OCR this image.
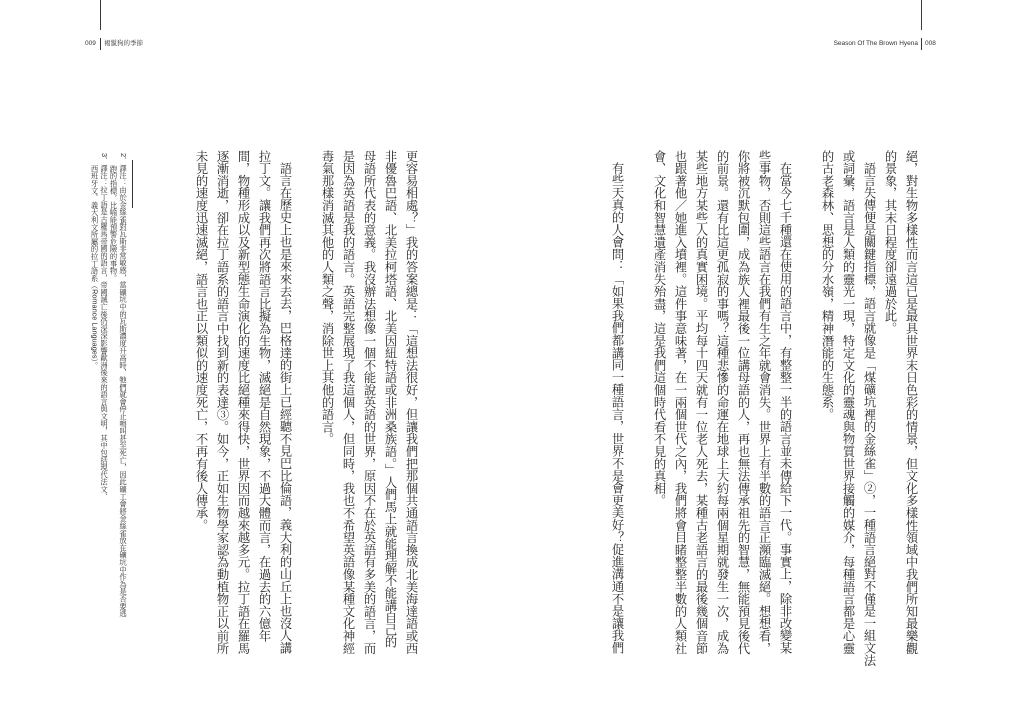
009 褐鬣狗的季節	Season Of The Brown Hyena 008
絕，對生物多樣性而言這已是最具世界末日色彩的情景，但文化多樣性領域中我們所知最樂觀
的景象，其末日程度卻遠過於此。
語言失傳便是關鍵指標，語言就像是「煤礦坑裡的金絲雀」②，一種語言絕對不僅是一組文法
或詞彙，語言是人類的靈光一現，特定文化的靈魂與物質世界接觸的媒介，每種語言都是心靈
的古老森林、思想的分水嶺，精神潛能的生態系。
在當今七千種還在使用的語言中，有整整一半的語言並未傳給下一代。事實上，除非改變某
些事物，否則這些語言在我們有生之年就會消失。世界上有半數的語言正瀕臨滅絕。想想看，
你將被沉默包圍，成為族人裡最後一位講母語的人，再也無法傳承祖先的智慧，無能預見後代
的前景。還有比這更孤寂的事嗎？這種悲慘的命運在地球上大約每兩個星期就發生一次，成為
某些地方某些人的真實困境。平均每十四天就有一位老人死去，某種古老語言的最後幾個音節
也跟著他／她進入墳裡。這件事意味著，在一兩個世代之內，我們將會目睹整整半數的人類社
會、文化和智慧遺產消失殆盡，這是我們這個時代看不見的真相。
有些天真的人會問：「如果我們都講同一種語言，世界不是會更美好？促進溝通不是讓我們
更容易相處？」我的答案總是：「這想法很好，但讓我們把那個共通語言換成北美海達語或西
非優魯巴語、北美拉柯塔語、北美因紐特語或非洲桑族語。」人們馬上就能理解不能講自己的
母語所代表的意義。我沒辦法想像一個不能說英語的世界，原因不在於英語有多美的語言，而
是因為英語是我的語言。英語完整展現了我這個人，但同時，我也不希望英語像某種文化神經
毒氣那樣消滅其他的人類之聲，消除世上其他的語言。
語言在歷史上也是來來去去，巴格達的街上已經聽不見巴比倫語，義大利的山丘上也沒人講
拉丁文。讓我們再次將語言比擬為生物，滅絕是自然現象，不過大體而言，在過去的六億年
間，物種形成以及新型態生命演化的速度比絕種來得快，世界因而越來越多元。拉丁語在羅馬
逐漸消逝，卻在拉丁語系的語言中找到新的表達③。如今，正如生物學家認為動植物正以前所
未見的速度迅速滅絕，語言也正以類似的速度死亡，不再有後人傳承。
2．譯注：由於金絲雀對瓦斯非常敏感，當礦坑中的瓦斯濃度升高時，牠們就會停止鳴叫甚至死亡，因此礦工會將金絲雀放在礦坑中作為是否要逃
跑的指標，比喻能預警危險的事物。
3．譯注：拉丁語是古羅馬帝國的語言，帝國滅亡後仍深深影響歐洲後來的語言與文明，其中包括現代法文、
西班牙文、義大利文所屬的拉丁語系（Romance Languages）。
